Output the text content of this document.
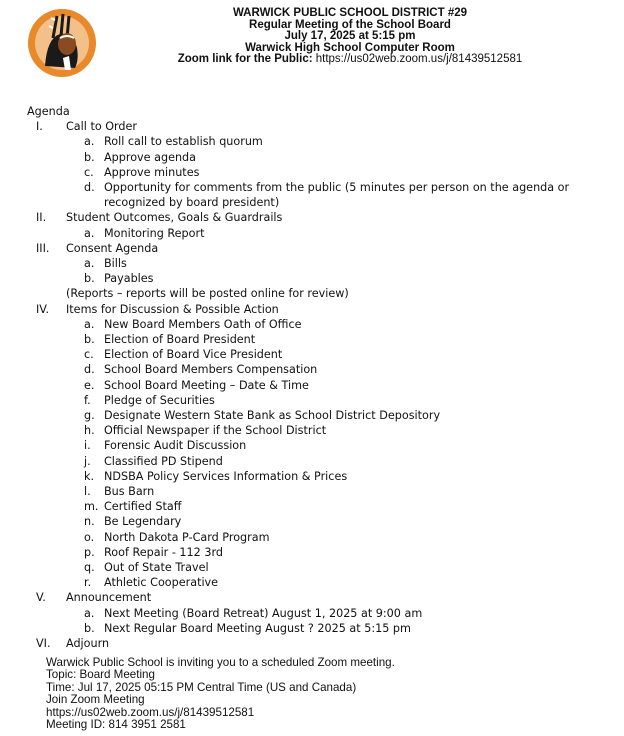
WARWICK PUBLIC SCHOOL DISTRICT #29
Regular Meeting of the School Board
July 17, 2025 at 5:15 pm
Warwick High School Computer Room
Zoom link for the Public: https://us02web.zoom.us/j/81439512581
Agenda
I. Call to Order
a. Roll call to establish quorum
b. Approve agenda
c. Approve minutes
d. Opportunity for comments from the public (5 minutes per person on the agenda or
recognized by board president)
II. Student Outcomes, Goals & Guardrails
a. Monitoring Report
III. Consent Agenda
a. Bills
b. Payables
(Reports – reports will be posted online for review)
IV. Items for Discussion & Possible Action
a. New Board Members Oath of Office
b. Election of Board President
c. Election of Board Vice President
d. School Board Members Compensation
e. School Board Meeting – Date & Time
f. Pledge of Securities
g. Designate Western State Bank as School District Depository
h. Official Newspaper if the School District
i. Forensic Audit Discussion
j. Classified PD Stipend
k. NDSBA Policy Services Information & Prices
l. Bus Barn
m. Certified Staff
n. Be Legendary
o. North Dakota P-Card Program
p. Roof Repair - 112 3rd
q. Out of State Travel
r. Athletic Cooperative
V. Announcement
a. Next Meeting (Board Retreat) August 1, 2025 at 9:00 am
b. Next Regular Board Meeting August ? 2025 at 5:15 pm
VI. Adjourn
Warwick Public School is inviting you to a scheduled Zoom meeting.
Topic: Board Meeting
Time: Jul 17, 2025 05:15 PM Central Time (US and Canada)
Join Zoom Meeting
https://us02web.zoom.us/j/81439512581
Meeting ID: 814 3951 2581
